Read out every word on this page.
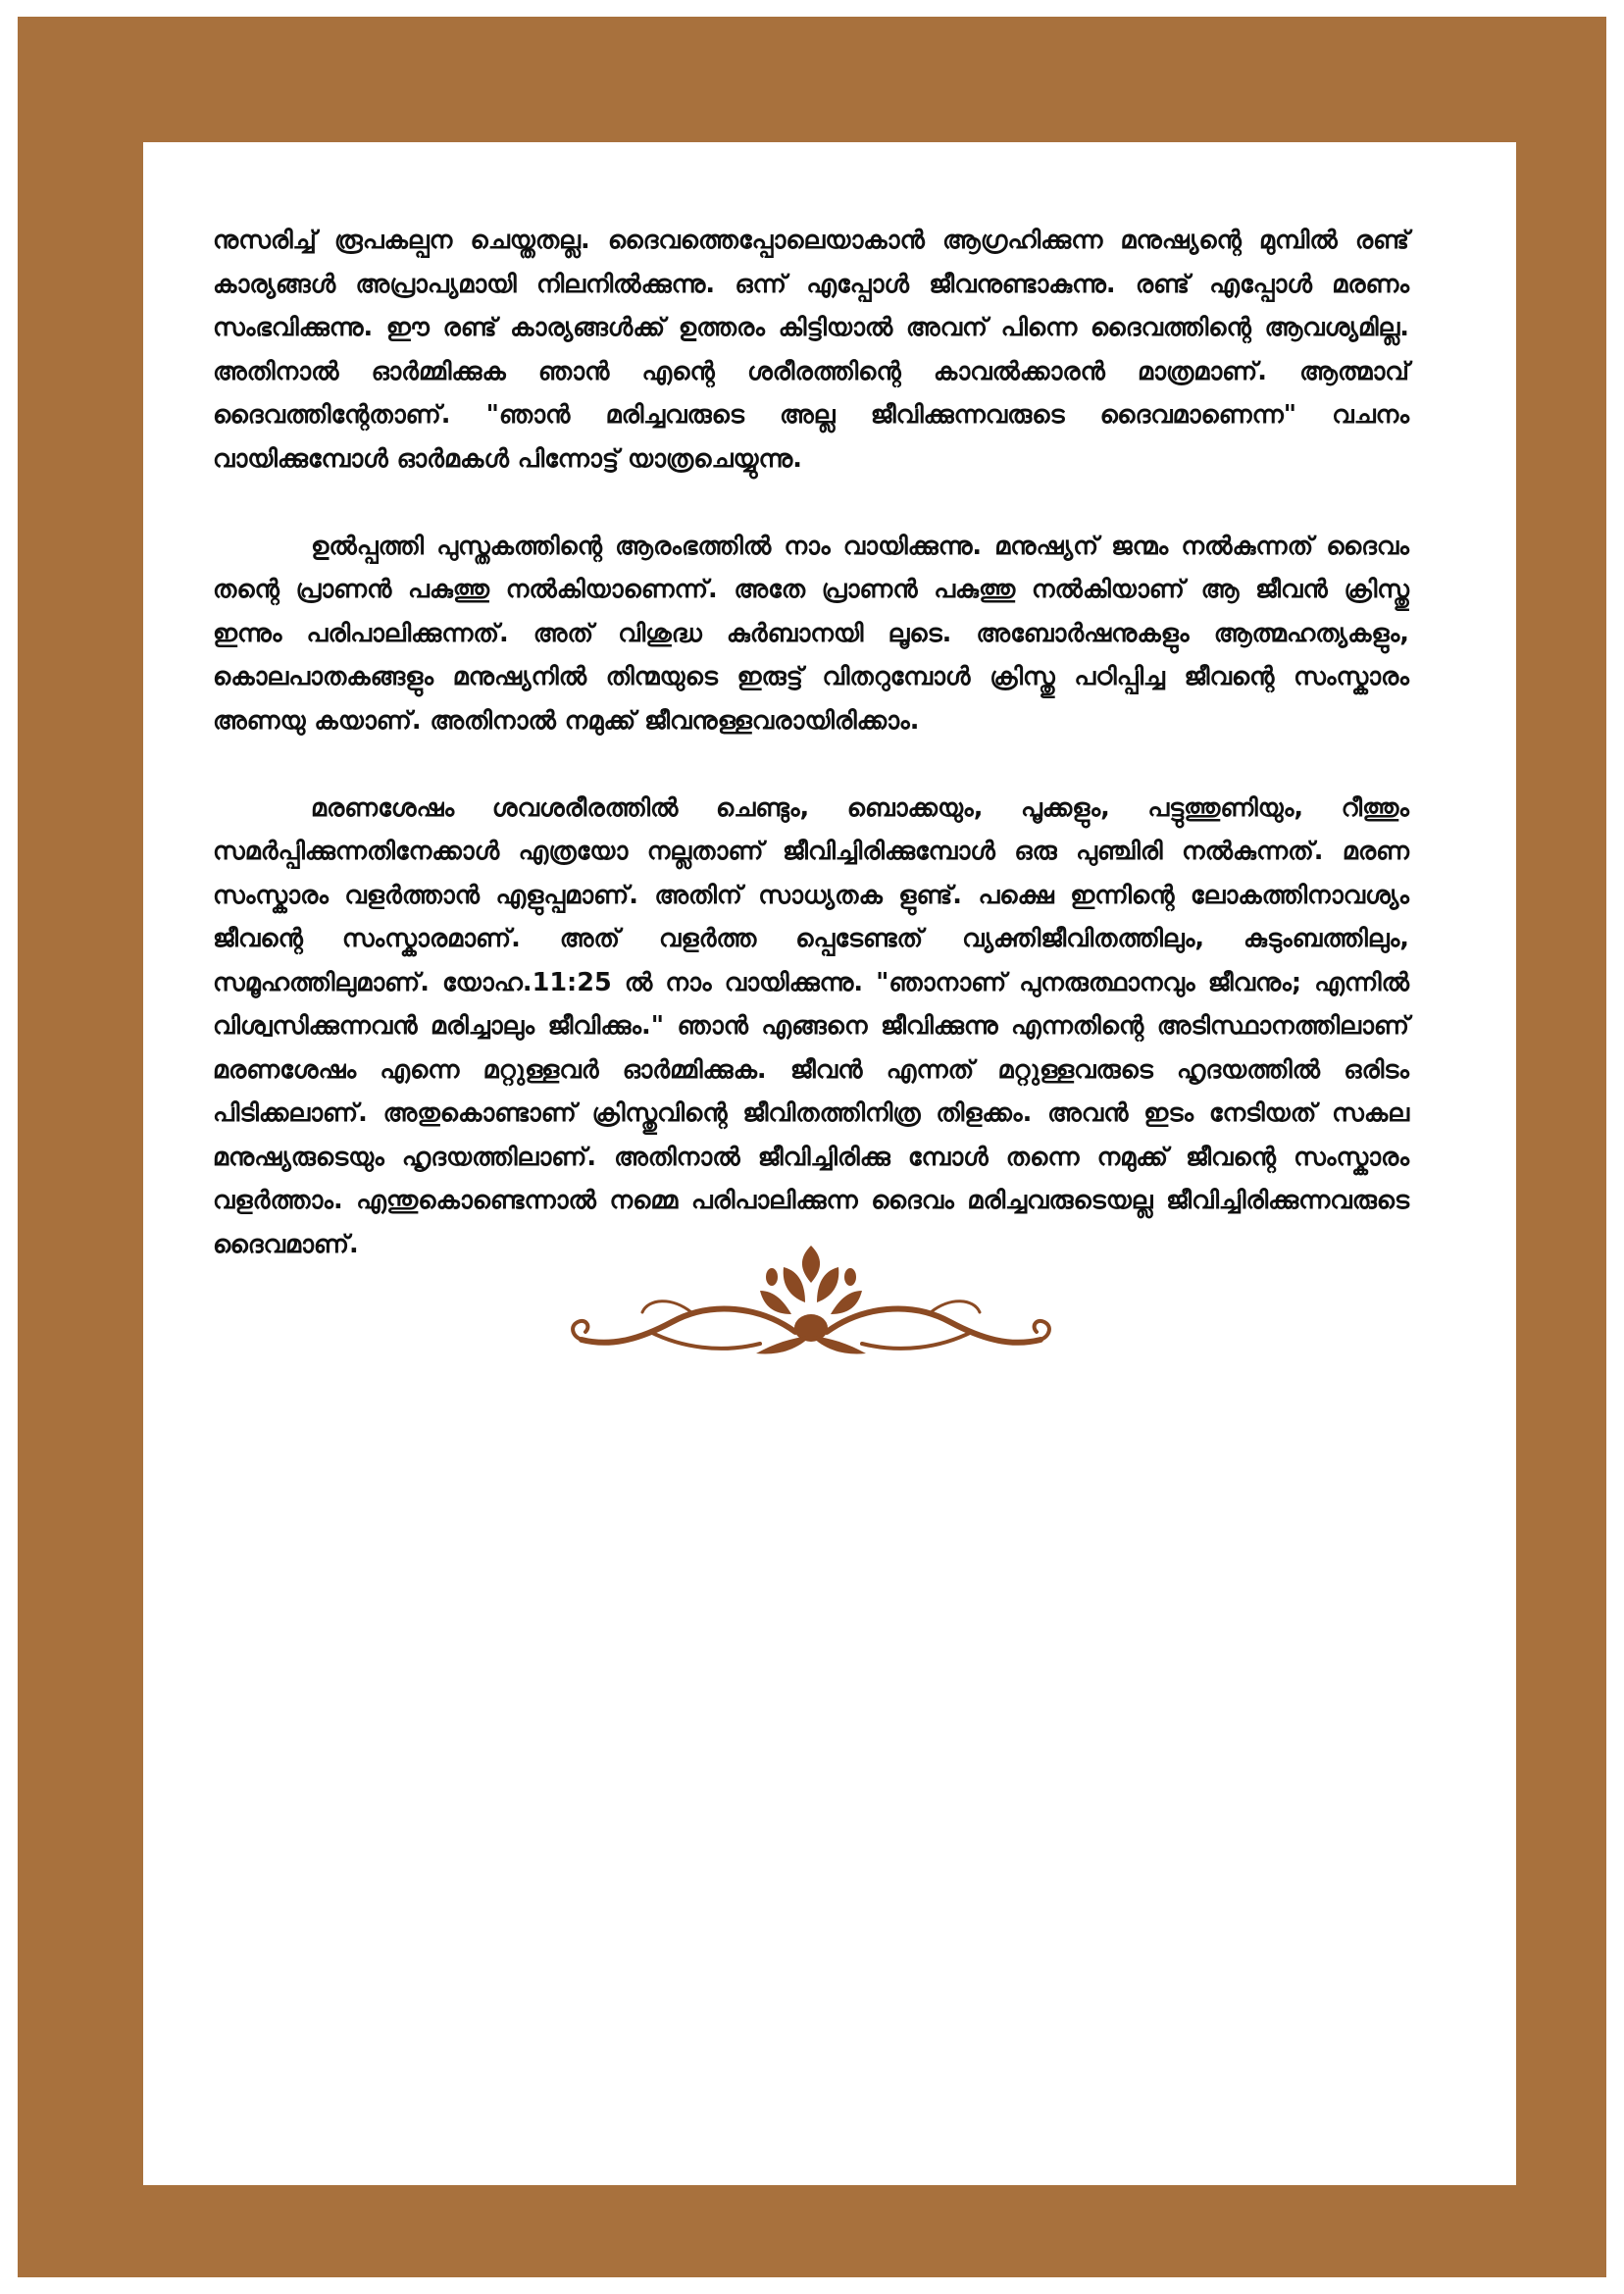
നുസരിച്ച് രൂപകല്പന ചെയ്തതല്ല. ദൈവത്തെപ്പോലെയാകാൻ ആഗ്രഹിക്കുന്ന മനുഷ്യന്റെ മുമ്പിൽ രണ്ട് കാര്യങ്ങൾ അപ്രാപ്യമായി നിലനിൽക്കുന്നു. ഒന്ന് എപ്പോൾ ജീവനുണ്ടാകുന്നു. രണ്ട് എപ്പോൾ മരണം സംഭവിക്കുന്നു. ഈ രണ്ട് കാര്യങ്ങൾക്ക് ഉത്തരം കിട്ടിയാൽ അവന് പിന്നെ ദൈവത്തിന്റെ ആവശ്യമില്ല. അതിനാൽ ഓർമ്മിക്കുക ഞാൻ എന്റെ ശരീരത്തിന്റെ കാവൽക്കാരൻ മാത്രമാണ്. ആത്മാവ് ദൈവത്തിന്റേതാണ്. "ഞാൻ മരിച്ചവരുടെ അല്ല ജീവിക്കുന്നവരുടെ ദൈവമാണെന്ന" വചനം വായിക്കുമ്പോൾ ഓർമകൾ പിന്നോട്ട് യാത്രചെയ്യുന്നു.

ഉൽപ്പത്തി പുസ്തകത്തിന്റെ ആരംഭത്തിൽ നാം വായിക്കുന്നു. മനുഷ്യന് ജന്മം നൽകുന്നത് ദൈവം തന്റെ പ്രാണൻ പകുത്തു നൽകിയാണെന്ന്. അതേ പ്രാണൻ പകുത്തു നൽകിയാണ് ആ ജീവൻ ക്രിസ്തു ഇന്നും പരിപാലിക്കുന്നത്. അത് വിശുദ്ധ കുർബാനയി ലൂടെ. അബോർഷനുകളും ആത്മഹത്യകളും, കൊലപാതകങ്ങളും മനുഷ്യനിൽ തിന്മയുടെ ഇരുട്ട് വിതറുമ്പോൾ ക്രിസ്തു പഠിപ്പിച്ച ജീവന്റെ സംസ്കാരം അണയു കയാണ്. അതിനാൽ നമുക്ക് ജീവനുള്ളവരായിരിക്കാം.

മരണശേഷം ശവശരീരത്തിൽ ചെണ്ടും, ബൊക്കയും, പൂക്കളും, പട്ടുത്തുണിയും, റീത്തും സമർപ്പിക്കുന്നതിനേക്കാൾ എത്രയോ നല്ലതാണ് ജീവിച്ചിരിക്കുമ്പോൾ ഒരു പുഞ്ചിരി നൽകുന്നത്. മരണ സംസ്കാരം വളർത്താൻ എളുപ്പമാണ്. അതിന് സാധ്യതക ളുണ്ട്. പക്ഷെ ഇന്നിന്റെ ലോകത്തിനാവശ്യം ജീവന്റെ സംസ്കാരമാണ്. അത് വളർത്ത പ്പെടേണ്ടത് വ്യക്തിജീവിതത്തിലും, കുടുംബത്തിലും, സമൂഹത്തിലുമാണ്. യോഹ.11:25 ൽ നാം വായിക്കുന്നു. "ഞാനാണ് പുനരുത്ഥാനവും ജീവനും; എന്നിൽ വിശ്വസിക്കുന്നവൻ മരിച്ചാലും ജീവിക്കും." ഞാൻ എങ്ങനെ ജീവിക്കുന്നു എന്നതിന്റെ അടിസ്ഥാനത്തിലാണ് മരണശേഷം എന്നെ മറ്റുള്ളവർ ഓർമ്മിക്കുക. ജീവൻ എന്നത് മറ്റുള്ളവരുടെ ഹൃദയത്തിൽ ഒരിടം പിടിക്കലാണ്. അതുകൊണ്ടാണ് ക്രിസ്തുവിന്റെ ജീവിതത്തിനിത്ര തിളക്കം. അവൻ ഇടം നേടിയത് സകല മനുഷ്യരുടെയും ഹൃദയത്തിലാണ്. അതിനാൽ ജീവിച്ചിരിക്കു മ്പോൾ തന്നെ നമുക്ക് ജീവന്റെ സംസ്കാരം വളർത്താം. എന്തുകൊണ്ടെന്നാൽ നമ്മെ പരിപാലിക്കുന്ന ദൈവം മരിച്ചവരുടെയല്ല ജീവിച്ചിരിക്കുന്നവരുടെ ദൈവമാണ്.
